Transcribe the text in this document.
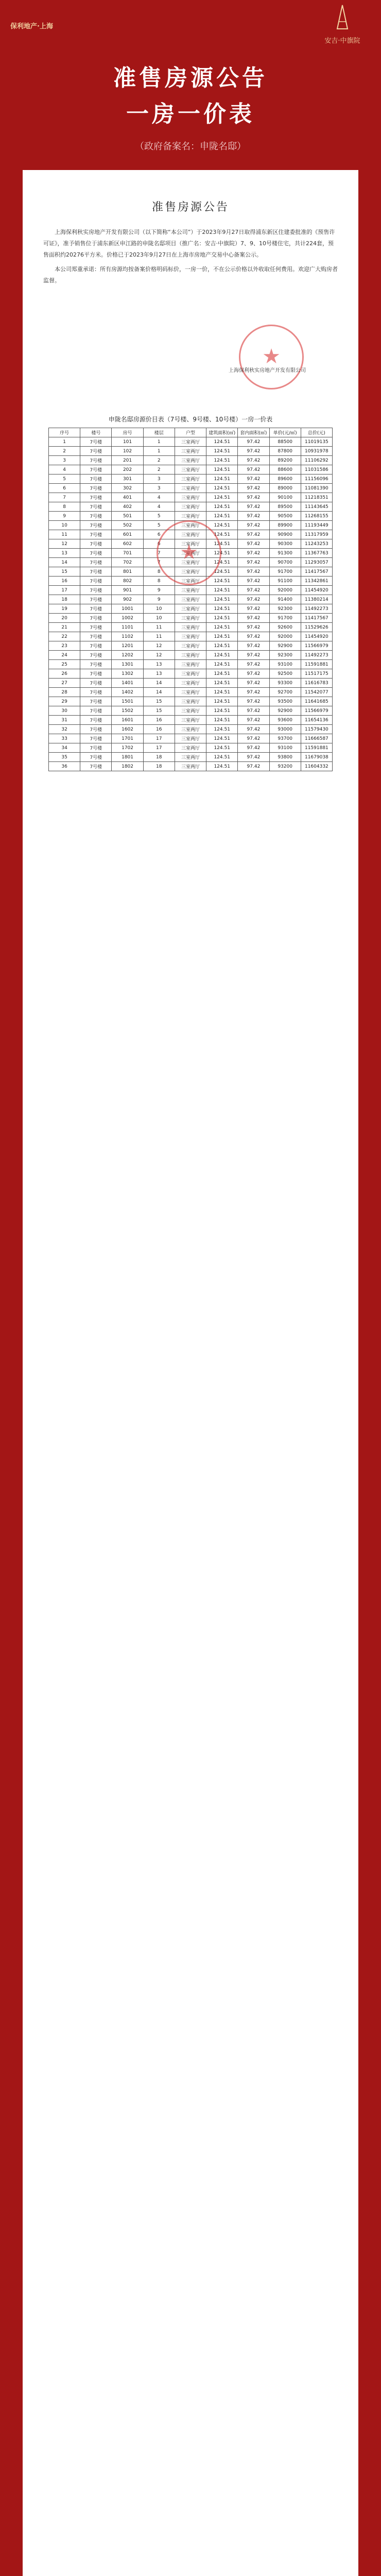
保利地产·上海
安吉·中旗院
准售房源公告
一房一价表
（政府备案名：申陇名邸）
准售房源公告

上海保利秋实房地产开发有限公司（以下简称“本公司”）于2023年9月27日取得浦东新区住建委批准的《预售许可证》，准予销售位于浦东新区申江路的申陇名邸项目（推广名：安吉·中旗院）7、9、10号楼住宅，共计224套，预售面积约20276平方米。价格已于2023年9月27日在上海市房地产交易中心备案公示。

本公司郑重承诺：所有房源均按备案价格明码标价，一房一价，不在公示价格以外收取任何费用。欢迎广大购房者监督。

★
上海保利秋实房地产开发有限公司
申陇名邸房源价目表（7号楼、9号楼、10号楼）一房一价表
序号	楼号	房号	楼层	户型	建筑面积(㎡)	套内面积(㎡)	单价(元/㎡)	总价(元)
1	7号楼	101	1	三室两厅	124.51	97.42	88500	11019135
2	7号楼	102	1	三室两厅	124.51	97.42	87800	10931978
3	7号楼	201	2	三室两厅	124.51	97.42	89200	11106292
4	7号楼	202	2	三室两厅	124.51	97.42	88600	11031586
5	7号楼	301	3	三室两厅	124.51	97.42	89600	11156096
6	7号楼	302	3	三室两厅	124.51	97.42	89000	11081390
7	7号楼	401	4	三室两厅	124.51	97.42	90100	11218351
8	7号楼	402	4	三室两厅	124.51	97.42	89500	11143645
9	7号楼	501	5	三室两厅	124.51	97.42	90500	11268155
10	7号楼	502	5	三室两厅	124.51	97.42	89900	11193449
11	7号楼	601	6	三室两厅	124.51	97.42	90900	11317959
12	7号楼	602	6	三室两厅	124.51	97.42	90300	11243253
13	7号楼	701	7	三室两厅	124.51	97.42	91300	11367763
14	7号楼	702	7	三室两厅	124.51	97.42	90700	11293057
15	7号楼	801	8	三室两厅	124.51	97.42	91700	11417567
16	7号楼	802	8	三室两厅	124.51	97.42	91100	11342861
17	7号楼	901	9	三室两厅	124.51	97.42	92000	11454920
18	7号楼	902	9	三室两厅	124.51	97.42	91400	11380214
19	7号楼	1001	10	三室两厅	124.51	97.42	92300	11492273
20	7号楼	1002	10	三室两厅	124.51	97.42	91700	11417567
21	7号楼	1101	11	三室两厅	124.51	97.42	92600	11529626
22	7号楼	1102	11	三室两厅	124.51	97.42	92000	11454920
23	7号楼	1201	12	三室两厅	124.51	97.42	92900	11566979
24	7号楼	1202	12	三室两厅	124.51	97.42	92300	11492273
25	7号楼	1301	13	三室两厅	124.51	97.42	93100	11591881
26	7号楼	1302	13	三室两厅	124.51	97.42	92500	11517175
27	7号楼	1401	14	三室两厅	124.51	97.42	93300	11616783
28	7号楼	1402	14	三室两厅	124.51	97.42	92700	11542077
29	7号楼	1501	15	三室两厅	124.51	97.42	93500	11641685
30	7号楼	1502	15	三室两厅	124.51	97.42	92900	11566979
31	7号楼	1601	16	三室两厅	124.51	97.42	93600	11654136
32	7号楼	1602	16	三室两厅	124.51	97.42	93000	11579430
33	7号楼	1701	17	三室两厅	124.51	97.42	93700	11666587
34	7号楼	1702	17	三室两厅	124.51	97.42	93100	11591881
35	7号楼	1801	18	三室两厅	124.51	97.42	93800	11679038
36	7号楼	1802	18	三室两厅	124.51	97.42	93200	11604332
★
